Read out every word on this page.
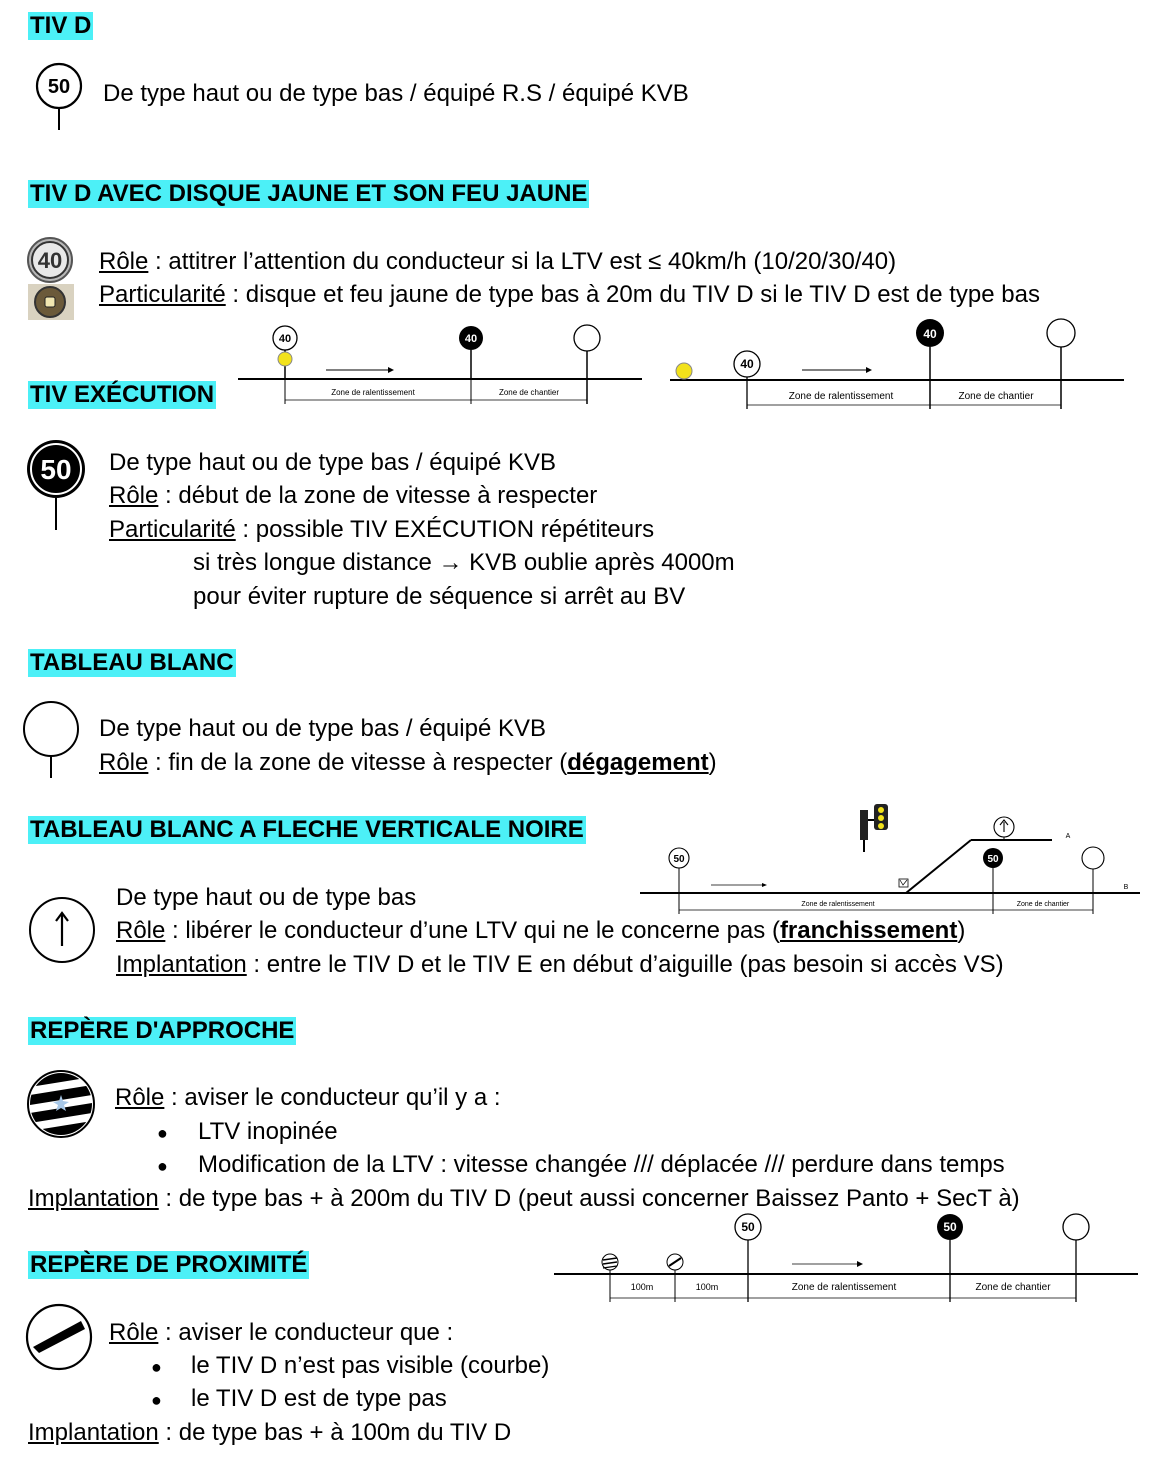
TIV D
50 De type haut ou de type bas / équipé R.S / équipé KVB
TIV D AVEC DISQUE JAUNE ET SON FEU JAUNE
40 Rôle : attitrer l’attention du conducteur si la LTV est ≤ 40km/h (10/20/30/40)
Particularité : disque et feu jaune de type bas à 20m du TIV D si le TIV D est de type bas
40	40
Zone de ralentissement	Zone de chantier
40
40
Zone de ralentissement	Zone de chantier
TIV EXÉCUTION
50 De type haut ou de type bas / équipé KVB
Rôle : début de la zone de vitesse à respecter
Particularité : possible TIV EXÉCUTION répétiteurs
si très longue distance → KVB oublie après 4000m
pour éviter rupture de séquence si arrêt au BV
TABLEAU BLANC
De type haut ou de type bas / équipé KVB
Rôle : fin de la zone de vitesse à respecter (dégagement)
TABLEAU BLANC A FLECHE VERTICALE NOIRE	A
B
50	50
Zone de ralentissement	Zone de chantier
De type haut ou de type bas
Rôle : libérer le conducteur d’une LTV qui ne le concerne pas (franchissement)
Implantation : entre le TIV D et le TIV E en début d’aiguille (pas besoin si accès VS)
REPÈRE D'APPROCHE
Rôle : aviser le conducteur qu’il y a :
● LTV inopinée
● Modification de la LTV : vitesse changée /// déplacée /// perdure dans temps
Implantation : de type bas + à 200m du TIV D (peut aussi concerner Baissez Panto + SecT à)
REPÈRE DE PROXIMITÉ
50	50
100m	100m	Zone de ralentissement	Zone de chantier
Rôle : aviser le conducteur que :
● le TIV D n’est pas visible (courbe)
● le TIV D est de type pas
Implantation : de type bas + à 100m du TIV D
